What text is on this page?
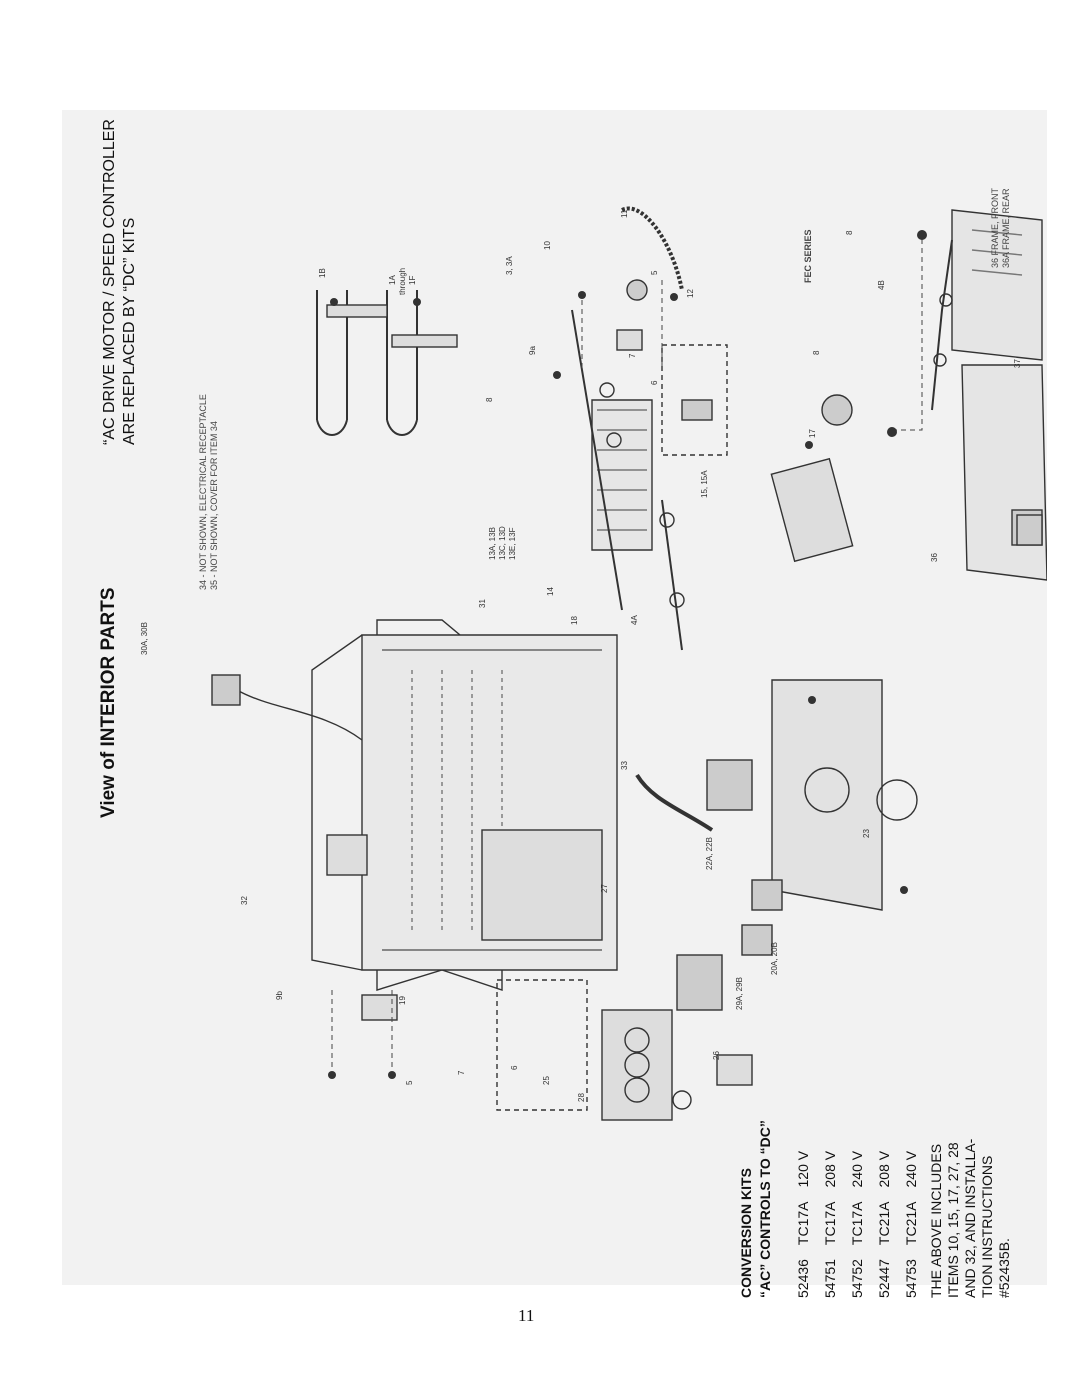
View of INTERIOR PARTS
“AC DRIVE MOTOR / SPEED CONTROLLER ARE REPLACED BY “DC” KITS
34 - NOT SHOWN, ELECTRICAL RECEPTACLE 35 - NOT SHOWN, COVER FOR ITEM 34
FEC SERIES	36 FRAME, FRONT 36A FRAME, REAR
CONVERSION KITS “AC” CONTROLS TO “DC” 52436	TC17A	120 V
54751	TC17A	208 V
54752	TC17A	240 V
52447	TC21A	208 V
54753	TC21A	240 V THE ABOVE INCLUDES ITEMS 10, 15, 17, 27, 28 AND 32, AND INSTALLA- TION INSTRUCTIONS #52435B.
30A, 30B
18
33
22A, 22B
23
20A, 20B
27
29A, 29B
32
19
9b
5
7
6
25
28
26
31
13A, 13B 13C, 13D 13E, 13F
14
4A
1B
1A through 1F
3, 3A
8
9a
5
6
7
10
11
12
15, 15A
17
36
37
4B
8
8
11
